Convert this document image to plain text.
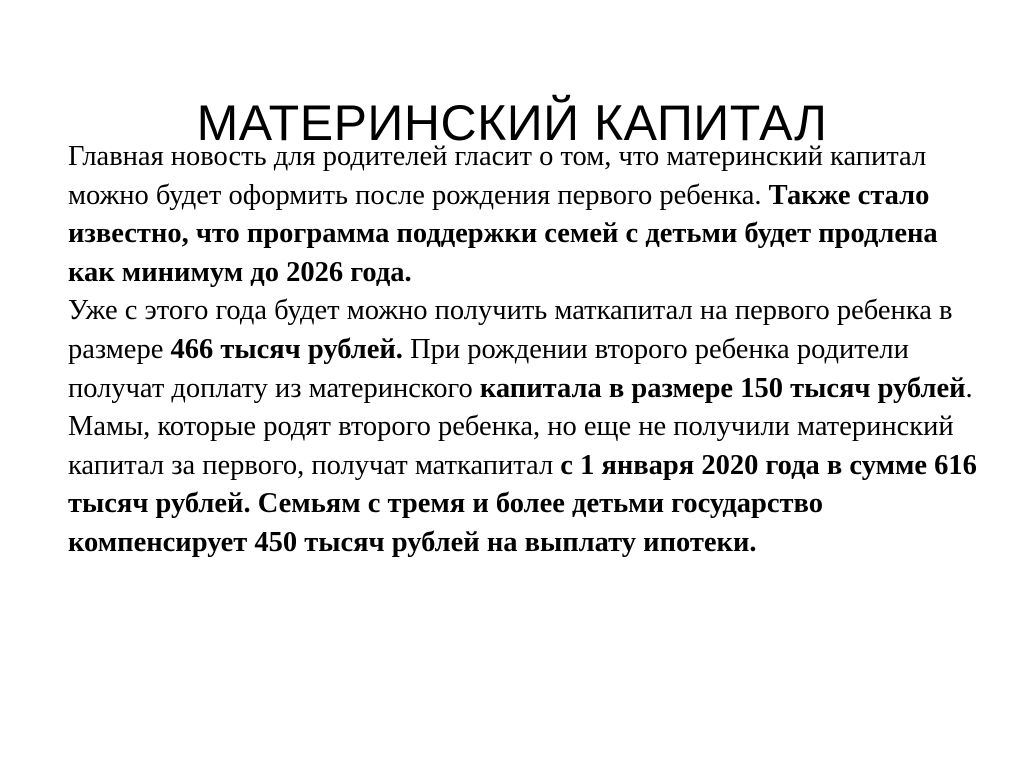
МАТЕРИНСКИЙ КАПИТАЛ

Главная новость для родителей гласит о том, что материнский капитал можно будет оформить после рождения первого ребенка. Также стало известно, что программа поддержки семей с детьми будет продлена как минимум до 2026 года.

Уже с этого года будет можно получить маткапитал на первого ребенка в размере 466 тысяч рублей. При рождении второго ребенка родители получат доплату из материнского капитала в размере 150 тысяч рублей.

Мамы, которые родят второго ребенка, но еще не получили материнский капитал за первого, получат маткапитал с 1 января 2020 года в сумме 616 тысяч рублей. Семьям с тремя и более детьми государство компенсирует 450 тысяч рублей на выплату ипотеки.
